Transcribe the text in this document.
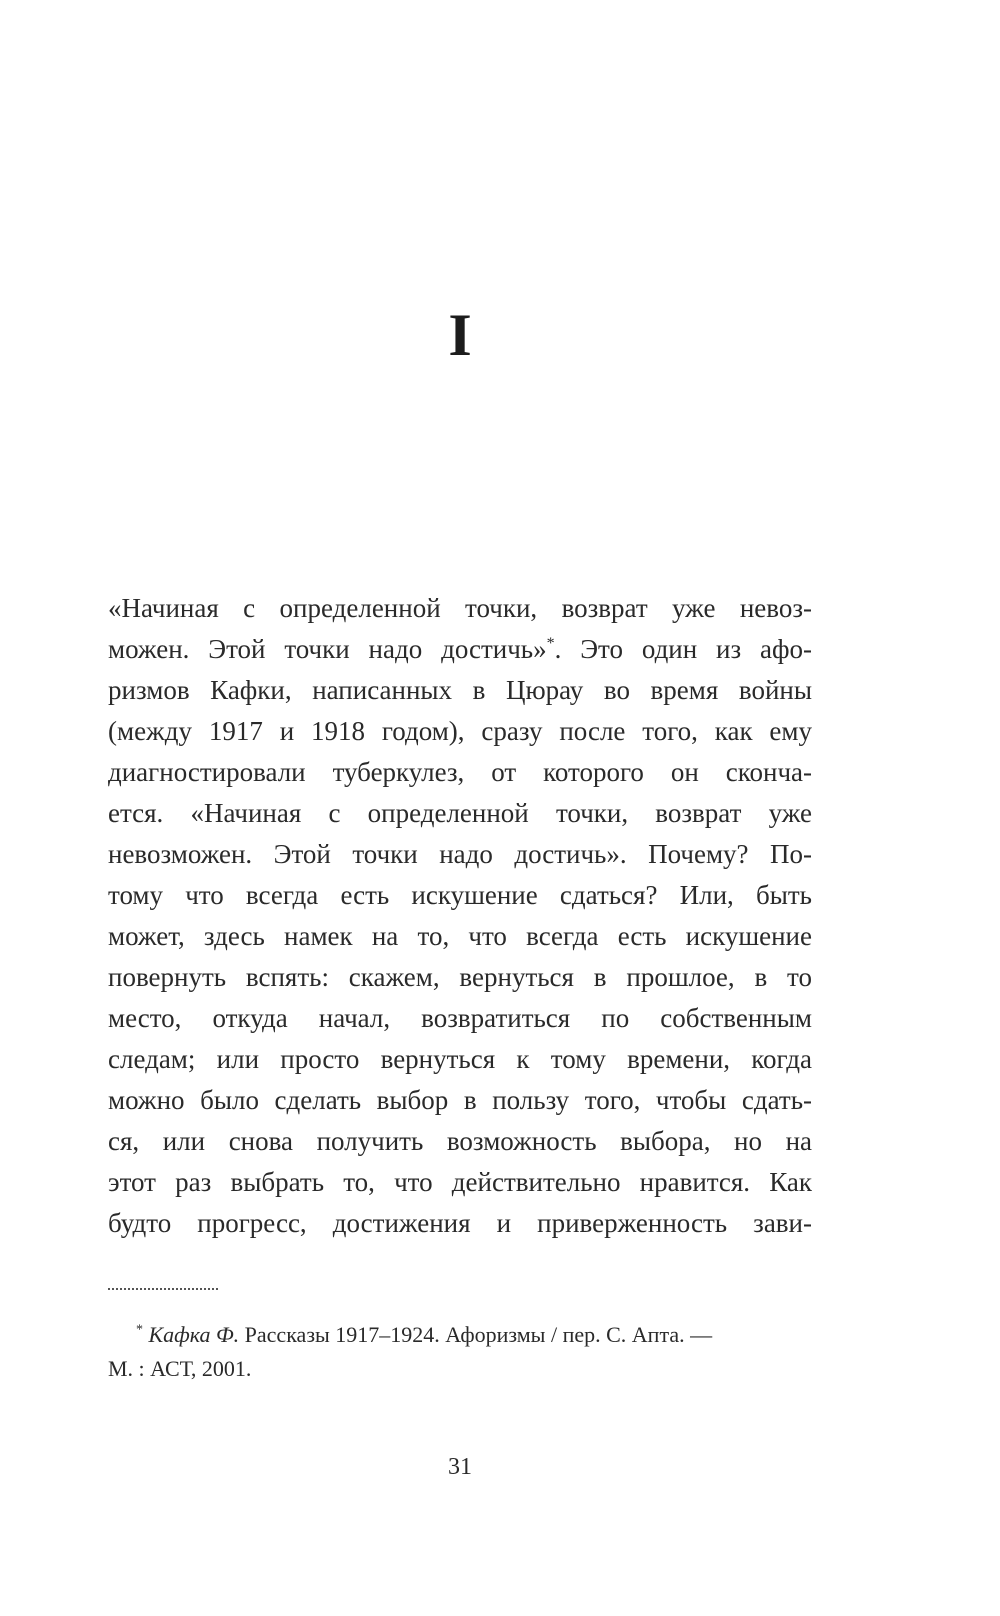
I
«Начиная с определенной точки, возврат уже невоз-
можен. Этой точки надо достичь»*. Это один из афо-
ризмов Кафки, написанных в Цюрау во время войны
(между 1917 и 1918 годом), сразу после того, как ему
диагностировали туберкулез, от которого он сконча-
ется. «Начиная с определенной точки, возврат уже
невозможен. Этой точки надо достичь». Почему? По-
тому что всегда есть искушение сдаться? Или, быть
может, здесь намек на то, что всегда есть искушение
повернуть вспять: скажем, вернуться в прошлое, в то
место, откуда начал, возвратиться по собственным
следам; или просто вернуться к тому времени, когда
можно было сделать выбор в пользу того, чтобы сдать-
ся, или снова получить возможность выбора, но на
этот раз выбрать то, что действительно нравится. Как
будто прогресс, достижения и приверженность зави-
* Кафка Ф. Рассказы 1917–1924. Афоризмы / пер. С. Апта. —
М. : АСТ, 2001.
31
